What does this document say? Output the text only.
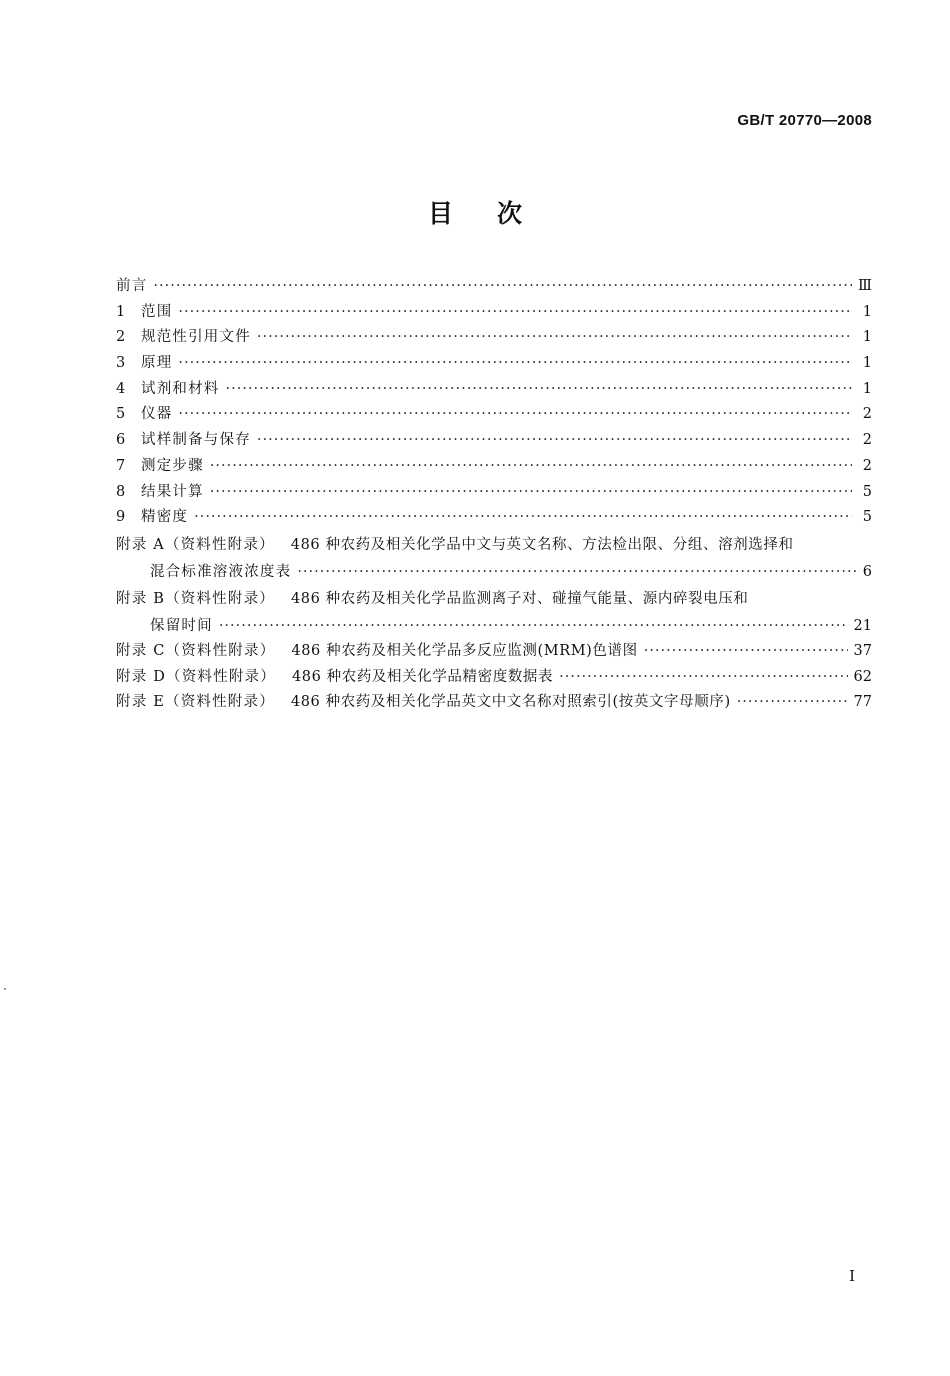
GB/T 20770—2008
目次
前言 ·····	Ⅲ
1	范围 ·····	1
2	规范性引用文件 ·····	1
3	原理 ·····	1
4	试剂和材料 ·····	1
5	仪器 ·····	2
6	试样制备与保存 ·····	2
7	测定步骤 ·····	2
8	结果计算 ·····	5
9	精密度 ·····	5
附录 A（资料性附录） 486 种农药及相关化学品中文与英文名称、方法检出限、分组、溶剂选择和
混合标准溶液浓度表 ·····	6
附录 B（资料性附录） 486 种农药及相关化学品监测离子对、碰撞气能量、源内碎裂电压和
保留时间 ·····	21
附录 C（资料性附录） 486 种农药及相关化学品多反应监测(MRM)色谱图 ·····	37
附录 D（资料性附录） 486 种农药及相关化学品精密度数据表 ·····	62
附录 E（资料性附录） 486 种农药及相关化学品英文中文名称对照索引(按英文字母顺序) ·····	77
I
